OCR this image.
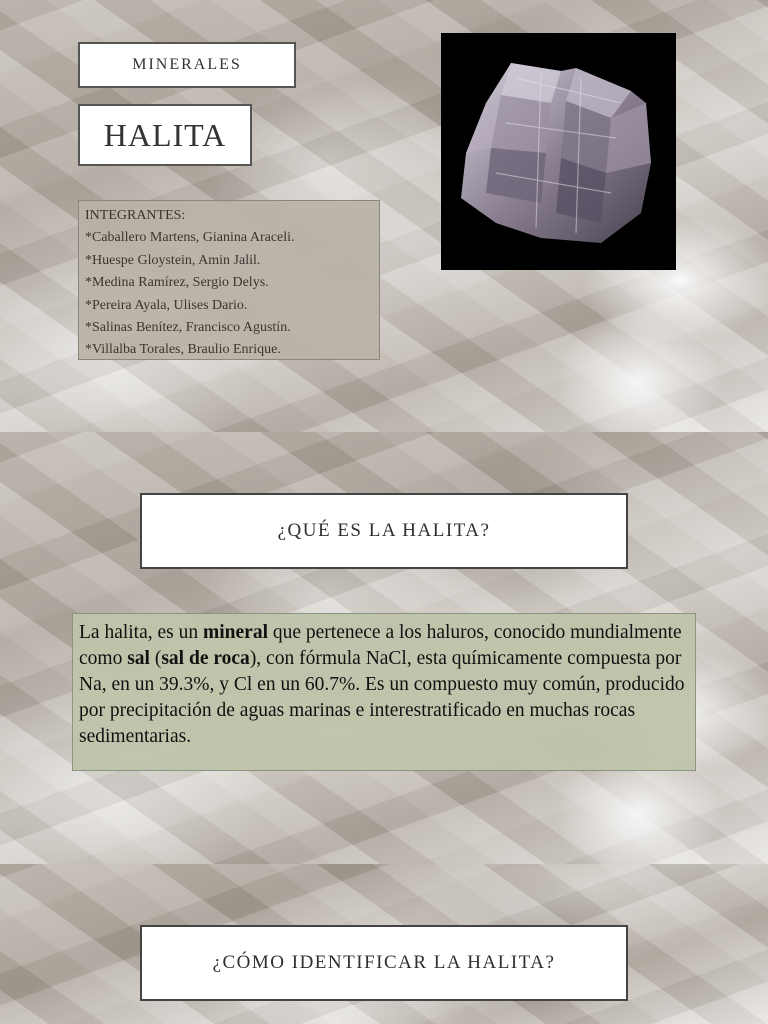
MINERALES
HALITA
INTEGRANTES:
*Caballero Martens, Gianina Araceli.
*Huespe Gloystein, Amin Jalil.
*Medina Ramírez, Sergio Delys.
*Pereira Ayala, Ulises Dario.
*Salinas Benítez, Francisco Agustín.
*Villalba Torales, Braulio Enrique.
¿QUÉ ES LA HALITA?
La halita, es un mineral que pertenece a los haluros, conocido mundialmente como sal (sal de roca), con fórmula NaCl, esta químicamente compuesta por Na, en un 39.3%, y Cl en un 60.7%. Es un compuesto muy común, producido por precipitación de aguas marinas e interestratificado en muchas rocas sedimentarias.
¿CÓMO IDENTIFICAR LA HALITA?
